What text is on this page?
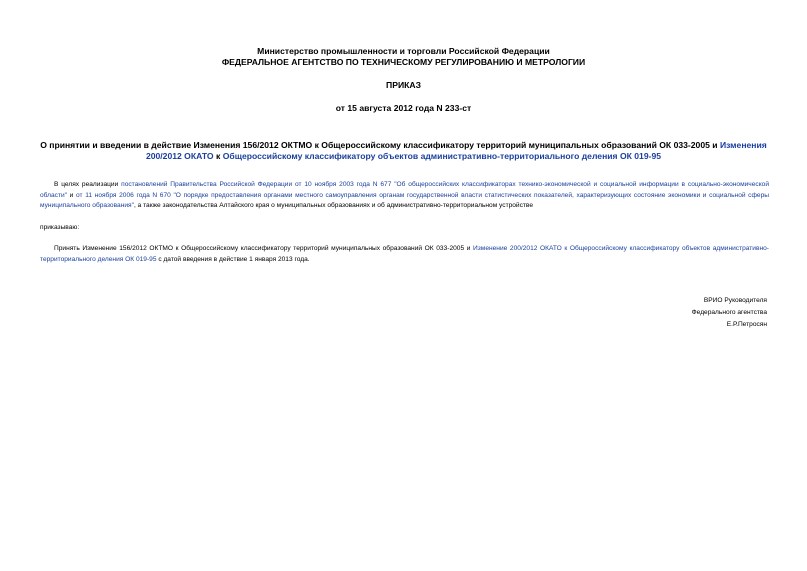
Министерство промышленности и торговли Российской Федерации
ФЕДЕРАЛЬНОЕ АГЕНТСТВО ПО ТЕХНИЧЕСКОМУ РЕГУЛИРОВАНИЮ И МЕТРОЛОГИИ
ПРИКАЗ
от 15 августа 2012 года N 233-ст
О принятии и введении в действие Изменения 156/2012 ОКТМО к Общероссийскому классификатору территорий муниципальных образований ОК 033-2005 и Изменения 200/2012 ОКАТО к Общероссийскому классификатору объектов административно-территориального деления ОК 019-95
В целях реализации постановлений Правительства Российской Федерации от 10 ноября 2003 года N 677 "Об общероссийских классификаторах технико-экономической и социальной информации в социально-экономической области" и от 11 ноября 2006 года N 670 "О порядке предоставления органами местного самоуправления органам государственной власти статистических показателей, характеризующих состояние экономики и социальной сферы муниципального образования", а также законодательства Алтайского края о муниципальных образованиях и об административно-территориальном устройстве
приказываю:
Принять Изменение 156/2012 ОКТМО к Общероссийскому классификатору территорий муниципальных образований ОК 033-2005 и Изменение 200/2012 ОКАТО к Общероссийскому классификатору объектов административно-территориального деления ОК 019-95 с датой введения в действие 1 января 2013 года.
ВРИО Руководителя
Федерального агентства
Е.Р.Петросян
